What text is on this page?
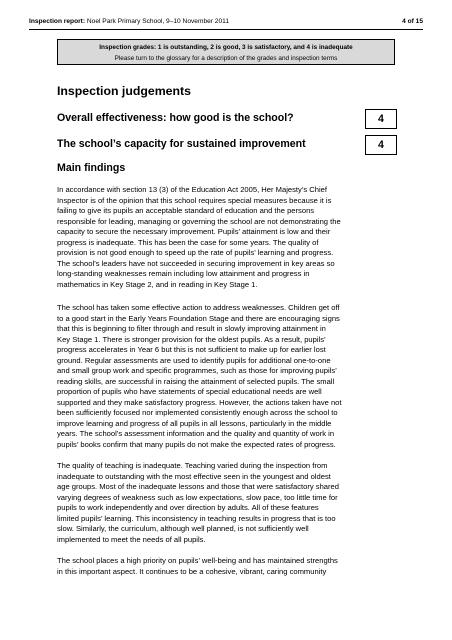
Inspection report: Noel Park Primary School, 9–10 November 2011	4 of 15
Inspection grades: 1 is outstanding, 2 is good, 3 is satisfactory, and 4 is inadequate
Please turn to the glossary for a description of the grades and inspection terms
Inspection judgements
Overall effectiveness: how good is the school?	4
The school’s capacity for sustained improvement	4
Main findings
In accordance with section 13 (3) of the Education Act 2005, Her Majesty’s Chief
Inspector is of the opinion that this school requires special measures because it is
failing to give its pupils an acceptable standard of education and the persons
responsible for leading, managing or governing the school are not demonstrating the
capacity to secure the necessary improvement. Pupils’ attainment is low and their
progress is inadequate. This has been the case for some years. The quality of
provision is not good enough to speed up the rate of pupils’ learning and progress.
The school’s leaders have not succeeded in securing improvement in key areas so
long-standing weaknesses remain including low attainment and progress in
mathematics in Key Stage 2, and in reading in Key Stage 1.
The school has taken some effective action to address weaknesses. Children get off
to a good start in the Early Years Foundation Stage and there are encouraging signs
that this is beginning to filter through and result in slowly improving attainment in
Key Stage 1. There is stronger provision for the oldest pupils. As a result, pupils’
progress accelerates in Year 6 but this is not sufficient to make up for earlier lost
ground. Regular assessments are used to identify pupils for additional one-to-one
and small group work and specific programmes, such as those for improving pupils’
reading skills, are successful in raising the attainment of selected pupils. The small
proportion of pupils who have statements of special educational needs are well
supported and they make satisfactory progress. However, the actions taken have not
been sufficiently focused nor implemented consistently enough across the school to
improve learning and progress of all pupils in all lessons, particularly in the middle
years. The school’s assessment information and the quality and quantity of work in
pupils’ books confirm that many pupils do not make the expected rates of progress.
The quality of teaching is inadequate. Teaching varied during the inspection from
inadequate to outstanding with the most effective seen in the youngest and oldest
age groups. Most of the inadequate lessons and those that were satisfactory shared
varying degrees of weakness such as low expectations, slow pace, too little time for
pupils to work independently and over direction by adults. All of these features
limited pupils’ learning. This inconsistency in teaching results in progress that is too
slow. Similarly, the curriculum, although well planned, is not sufficiently well
implemented to meet the needs of all pupils.
The school places a high priority on pupils’ well-being and has maintained strengths
in this important aspect. It continues to be a cohesive, vibrant, caring community
